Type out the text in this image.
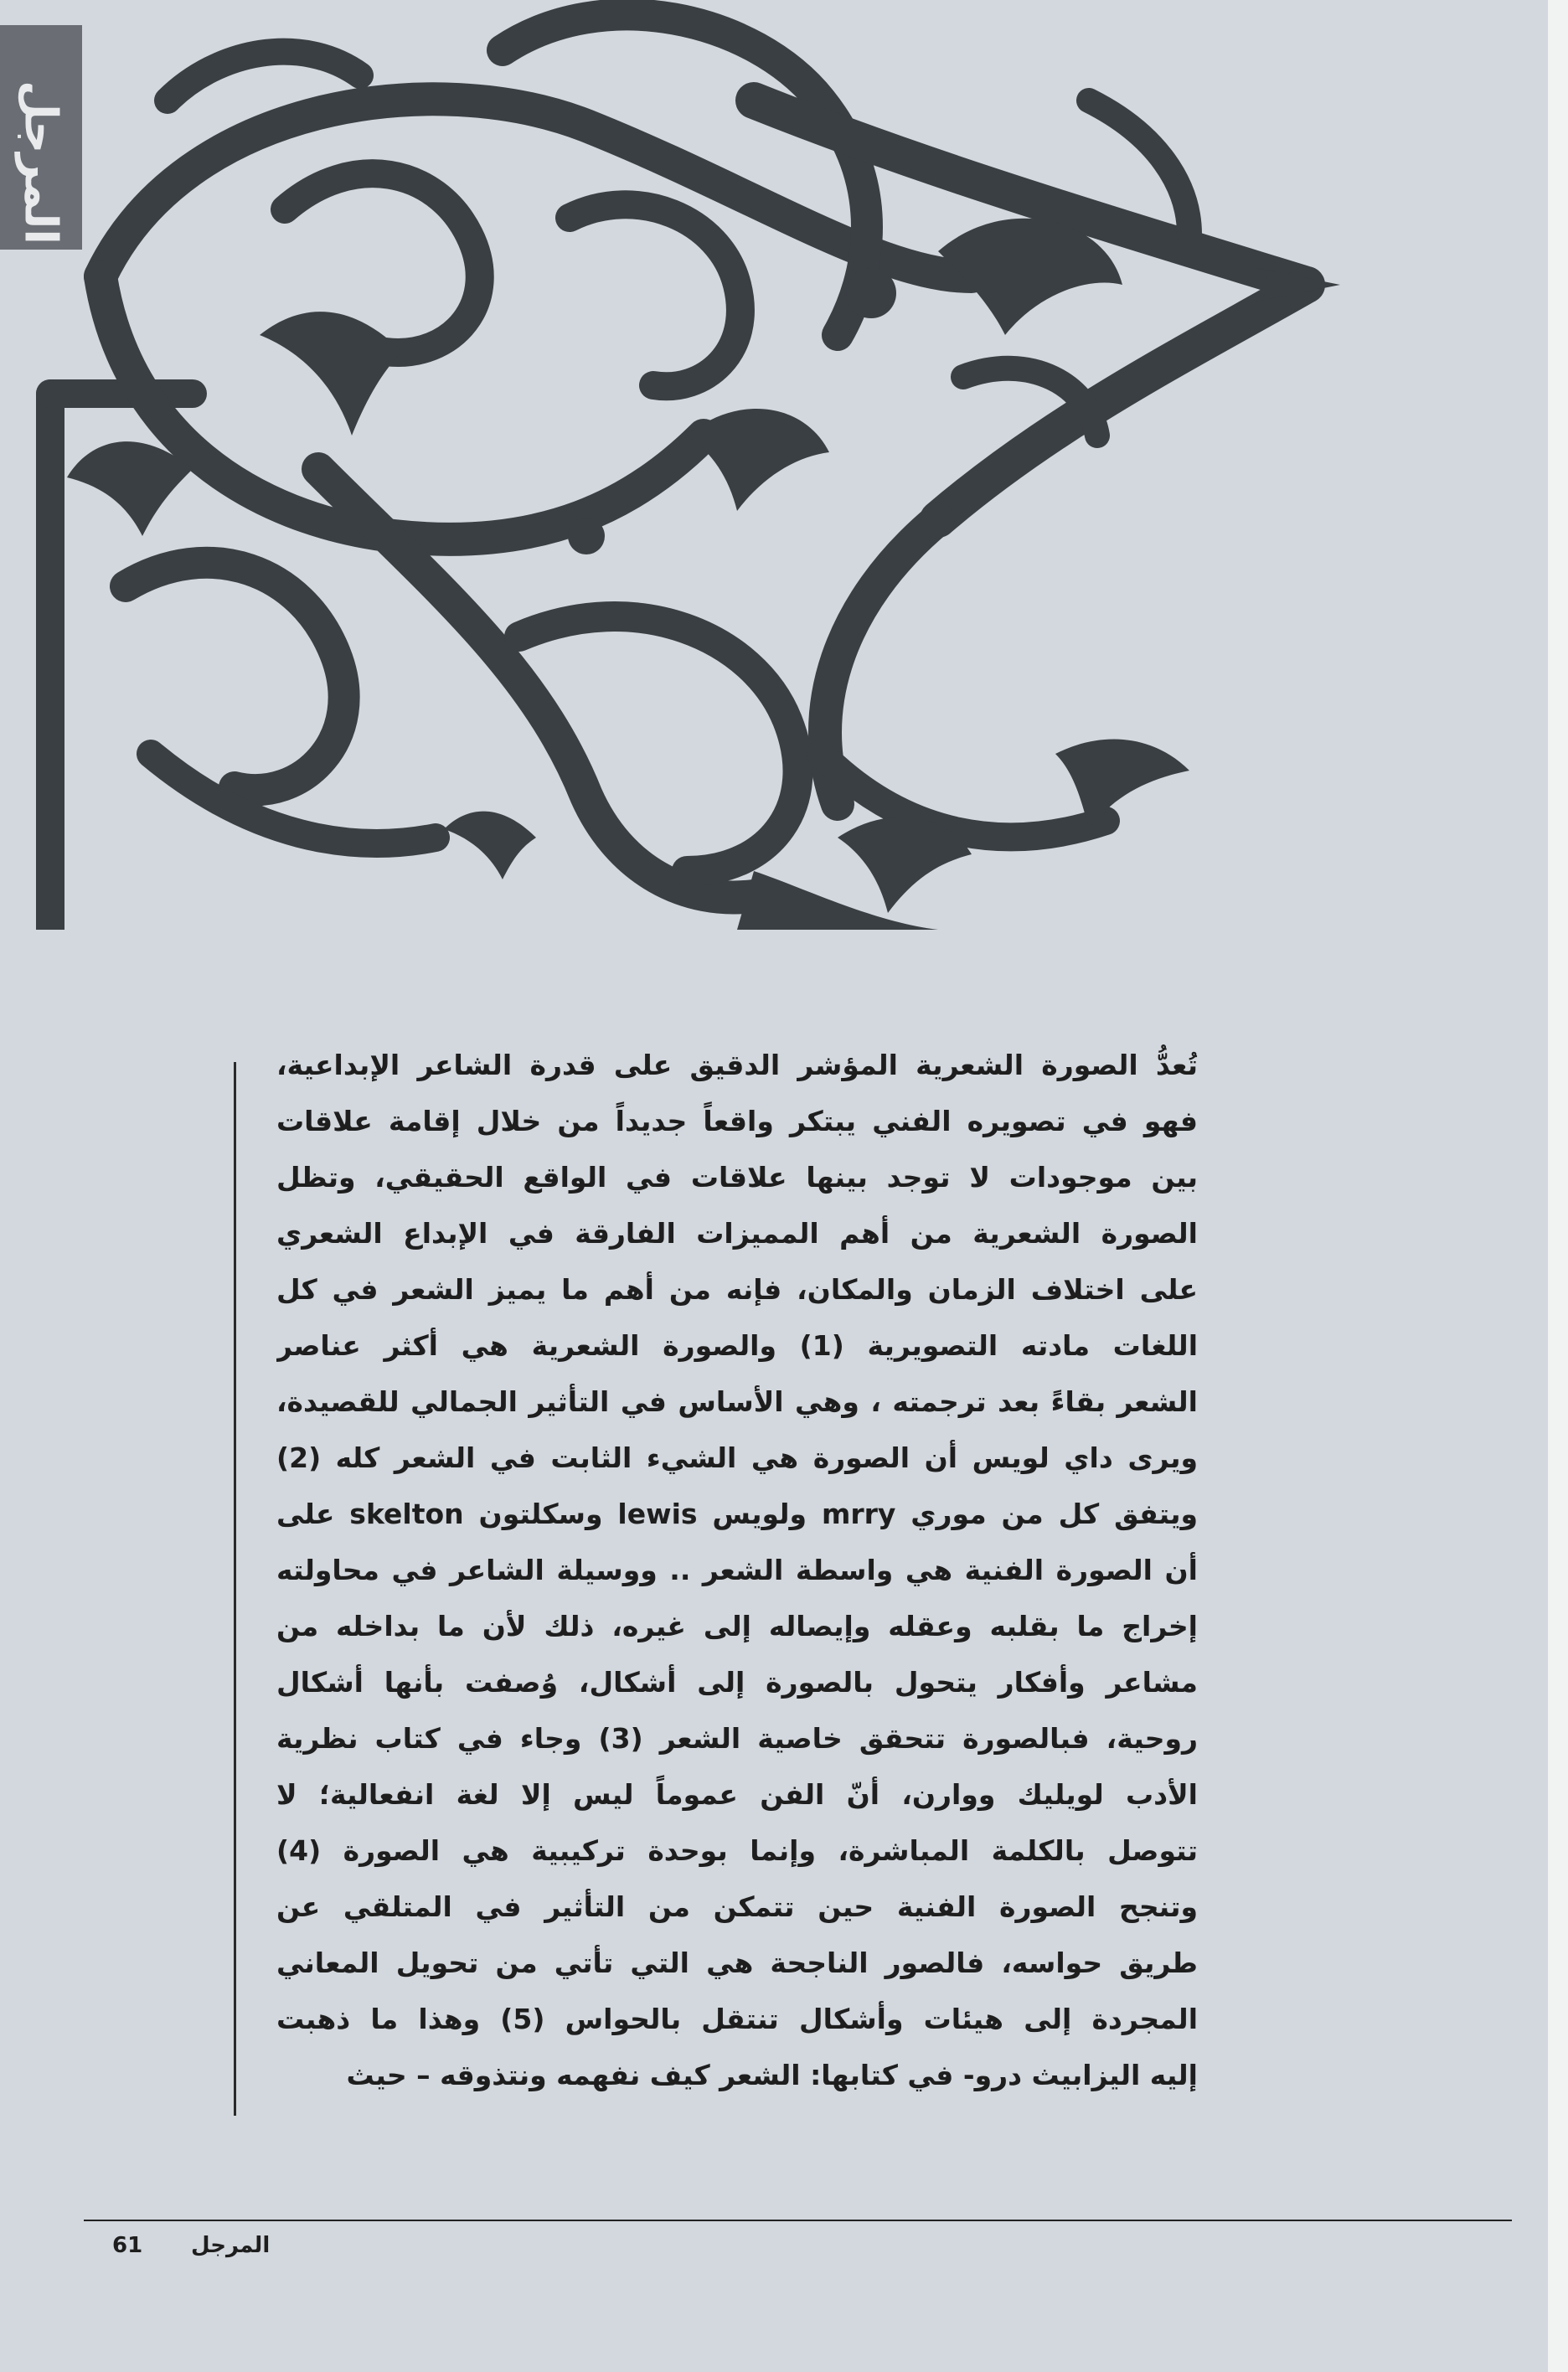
المرجل
تُعدُّ الصورة الشعرية المؤشر الدقيق على قدرة الشاعر الإبداعية،
فهو في تصويره الفني يبتكر واقعاً جديداً من خلال إقامة علاقات
بين موجودات لا توجد بينها علاقات في الواقع الحقيقي، وتظل
الصورة الشعرية من أهم المميزات الفارقة في الإبداع الشعري
على اختلاف الزمان والمكان، فإنه من أهم ما يميز الشعر في كل
اللغات مادته التصويرية (1) والصورة الشعرية هي أكثر عناصر
الشعر بقاءً بعد ترجمته ، وهي الأساس في التأثير الجمالي للقصيدة،
ويرى داي لويس أن الصورة هي الشيء الثابت في الشعر كله (2)
ويتفق كل من موري mrry ولويس lewis وسكلتون skelton على
أن الصورة الفنية هي واسطة الشعر .. ووسيلة الشاعر في محاولته
إخراج ما بقلبه وعقله وإيصاله إلى غيره، ذلك لأن ما بداخله من
مشاعر وأفكار يتحول بالصورة إلى أشكال، وُصفت بأنها أشكال
روحية، فبالصورة تتحقق خاصية الشعر (3) وجاء في كتاب نظرية
الأدب لويليك ووارن، أنّ الفن عموماً ليس إلا لغة انفعالية؛ لا
تتوصل بالكلمة المباشرة، وإنما بوحدة تركيبية هي الصورة (4)
وتنجح الصورة الفنية حين تتمكن من التأثير في المتلقي عن
طريق حواسه، فالصور الناجحة هي التي تأتي من تحويل المعاني
المجردة إلى هيئات وأشكال تنتقل بالحواس (5) وهذا ما ذهبت
إليه اليزابيث درو- في كتابها: الشعر كيف نفهمه ونتذوقه – حيث
61 المرجل
